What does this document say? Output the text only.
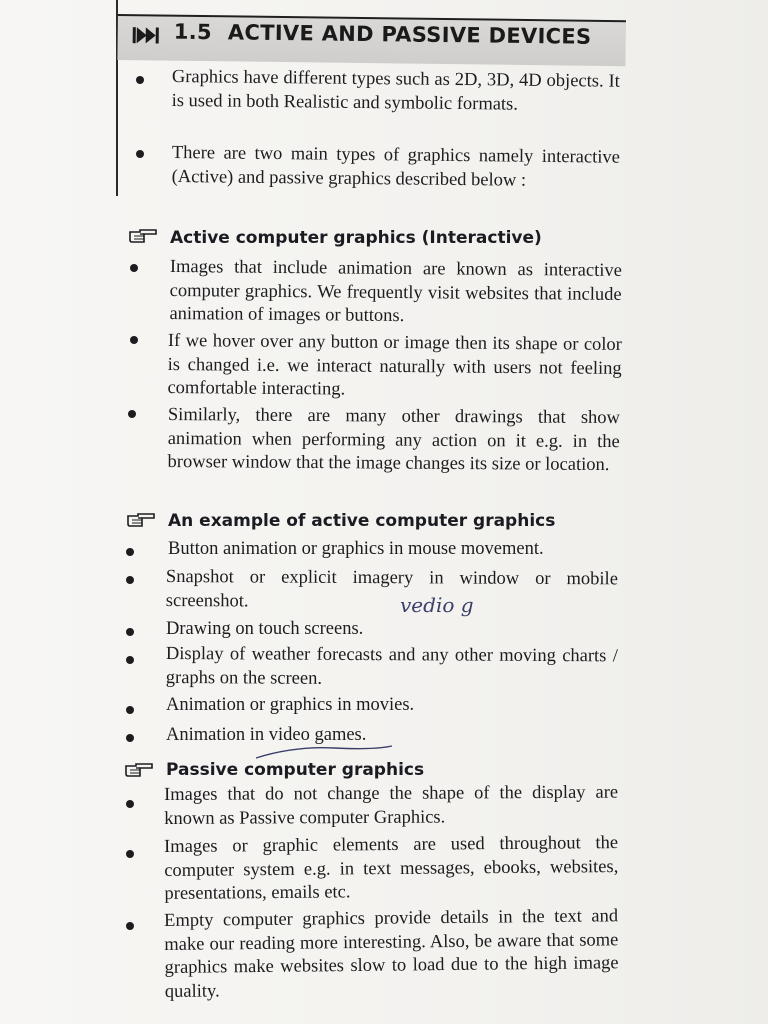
1.5 ACTIVE AND PASSIVE DEVICES
Graphics have different types such as 2D, 3D, 4D objects. It is used in both Realistic and symbolic formats.
There are two main types of graphics namely interactive (Active) and passive graphics described below :
Active computer graphics (Interactive)
Images that include animation are known as interactive computer graphics. We frequently visit websites that include animation of images or buttons.
If we hover over any button or image then its shape or color is changed i.e. we interact naturally with users not feeling comfortable interacting.
Similarly, there are many other drawings that show animation when performing any action on it e.g. in the browser window that the image changes its size or location.
An example of active computer graphics
Button animation or graphics in mouse movement.
Snapshot or explicit imagery in window or mobile screenshot.
Drawing on touch screens.
Display of weather forecasts and any other moving charts / graphs on the screen.
Animation or graphics in movies.
Animation in video games.
vedio g
Passive computer graphics
Images that do not change the shape of the display are known as Passive computer Graphics.
Images or graphic elements are used throughout the computer system e.g. in text messages, ebooks, websites, presentations, emails etc.
Empty computer graphics provide details in the text and make our reading more interesting. Also, be aware that some graphics make websites slow to load due to the high image quality.
